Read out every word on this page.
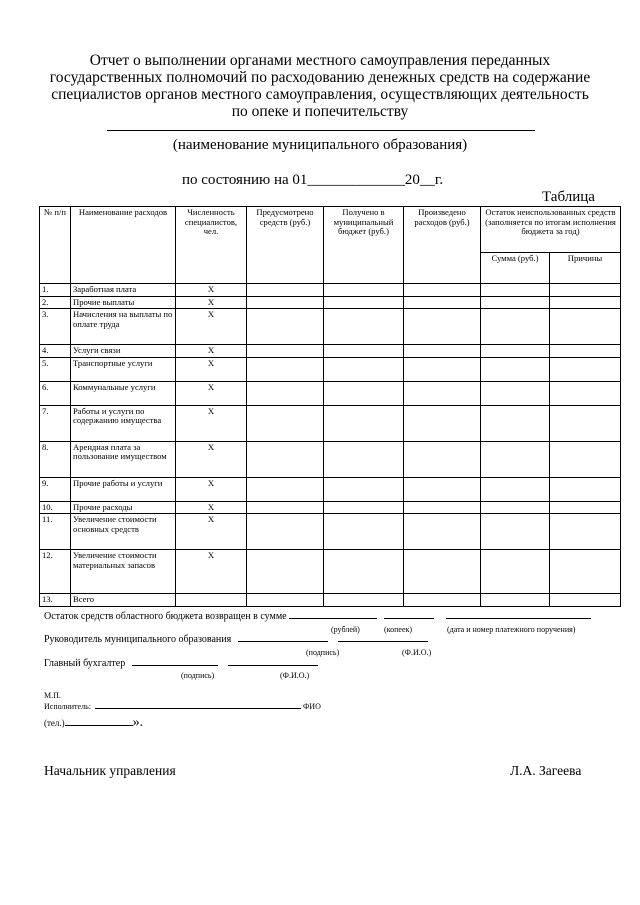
Отчет о выполнении органами местного самоуправления переданных
государственных полномочий по расходованию денежных средств на содержание
специалистов органов местного самоуправления, осуществляющих деятельность
по опеке и попечительству
(наименование муниципального образования)
по состоянию на 01_____________20__г.
Таблица
№ п/п	Наименование расходов	Численность специалистов, чел.	Предусмотрено средств (руб.)	Получено в муниципальный бюджет (руб.)	Произведено расходов (руб.)	Остаток неиспользованных средств (заполняется по итогам исполнения бюджета за год)	
						Сумма (руб.)	Причины
1.	Заработная плата	X					
2.	Прочие выплаты	X					
3.	Начисления на выплаты по оплате труда	X					
4.	Услуги связи	X					
5.	Транспортные услуги	X					
6.	Коммунальные услуги	X					
7.	Работы и услуги по содержанию имущества	X					
8.	Арендная плата за пользование имуществом	X					
9.	Прочие работы и услуги	X					
10.	Прочие расходы	X					
11.	Увеличение стоимости основных средств	X					
12.	Увеличение стоимости материальных запасов	X					
13.	Всего						
Остаток средств областного бюджета возвращен в сумме
(рублей)	(копеек)	(дата и номер платежного поручения)
Руководитель муниципального образования
(подпись)	(Ф.И.О.)
Главный бухгалтер
(подпись)	(Ф.И.О.)
М.П.
Исполнитель:	ФИО
(тел.)	».
Начальник управления	Л.А. Загеева
